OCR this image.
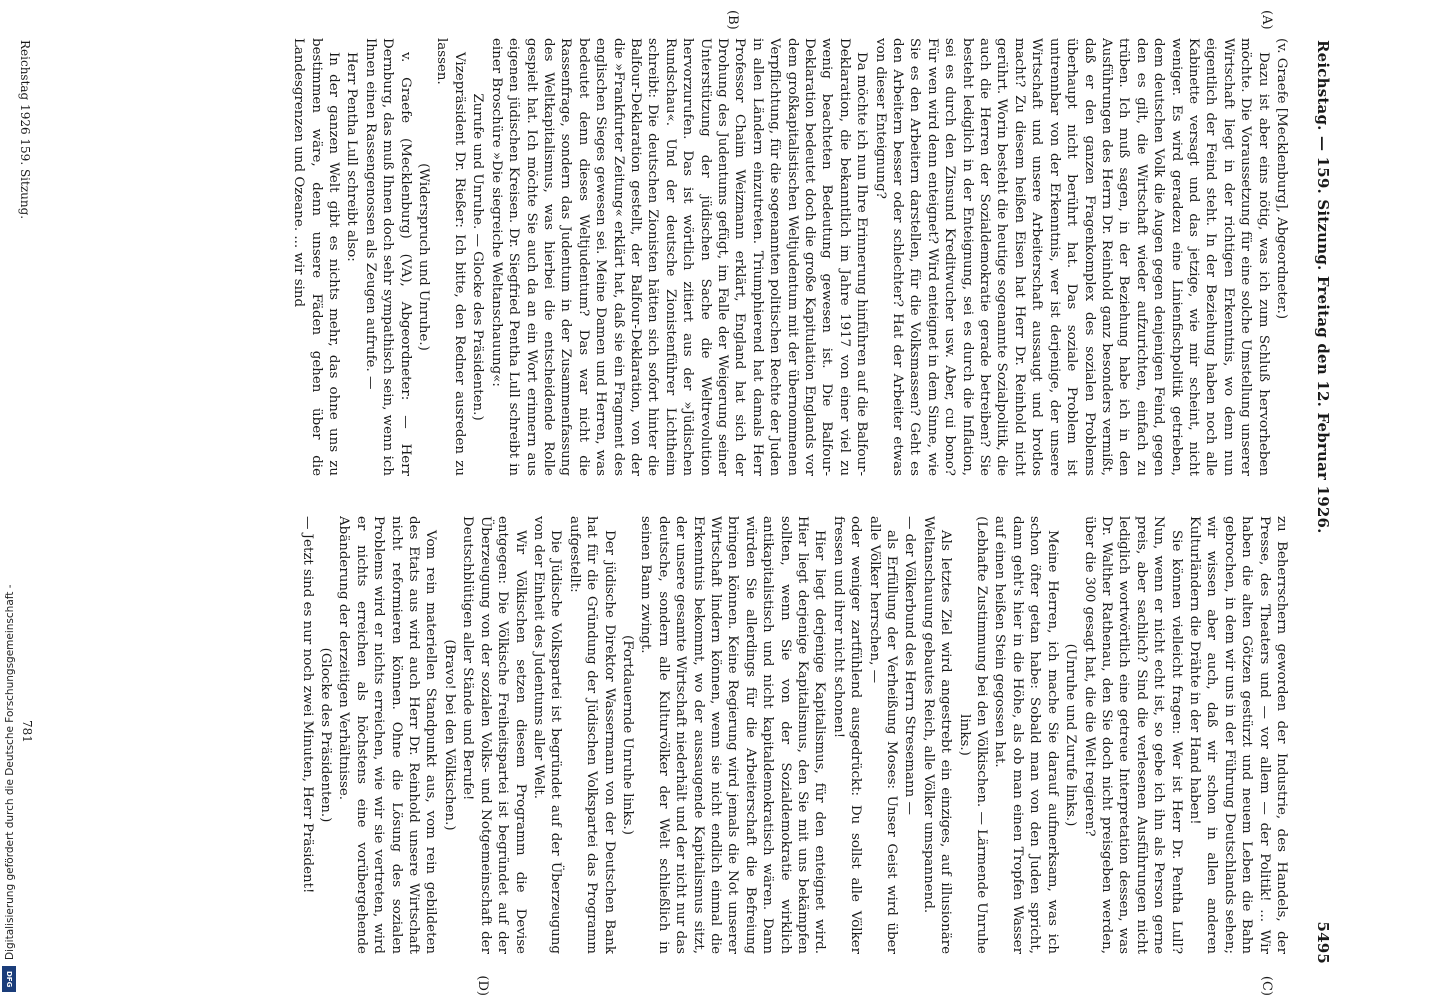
Reichstag. — 159. Sitzung. Freitag den 12. Februar 1926.
5495
(A)
(B)
(C)
(D)

(v. Graefe [Mecklenburg], Abgeordneter.)

Dazu ist aber eins nötig, was ich zum Schluß hervorheben möchte. Die Voraussetzung für eine solche Umstellung unserer Wirtschaft liegt in der richtigen Erkenntnis, wo denn nun eigentlich der Feind steht. In der Beziehung haben noch alle Kabinette versagt und das jetzige, wie mir scheint, nicht weniger. Es wird geradezu eine Linienfischpolitik getrieben, dem deutschen Volk die Augen gegen denjenigen Feind, gegen den es gilt, die Wirtschaft wieder aufzurichten, einfach zu trüben. Ich muß sagen, in der Beziehung habe ich in den Ausführungen des Herrn Dr. Reinhold ganz besonders vermißt, daß er den ganzen Fragenkomplex des sozialen Problems überhaupt nicht berührt hat. Das soziale Problem ist untrennbar von der Erkenntnis, wer ist derjenige, der unsere Wirtschaft und unsere Arbeiterschaft aussaugt und brotlos macht? Zu diesem heißen Eisen hat Herr Dr. Reinhold nicht gerührt. Worin besteht die heutige sogenannte Sozialpolitik, die auch die Herren der Sozialdemokratie gerade betreiben? Sie besteht lediglich in der Enteignung, sei es durch die Inflation, sei es durch den Zinsund Kreditwucher usw. Aber, cui bono? Für wen wird denn enteignet? Wird enteignet in dem Sinne, wie Sie es den Arbeitern darstellen, für die Volksmassen? Geht es den Arbeitern besser oder schlechter? Hat der Arbeiter etwas von dieser Enteignung?

Da möchte ich nun Ihre Erinnerung hinführen auf die Balfour-Deklaration, die bekanntlich im Jahre 1917 von einer viel zu wenig beachteten Bedeutung gewesen ist. Die Balfour-Deklaration bedeutet doch die große Kapitulation Englands vor dem großkapitalistischen Weltjudentum mit der übernommenen Verpflichtung, für die sogenannten politischen Rechte der Juden in allen Ländern einzutreten. Triumphierend hat damals Herr Professor Chaim Weizmann erklärt, England hat sich der Drohung des Judentums gefügt, im Falle der Weigerung seiner Unterstützung der jüdischen Sache die Weltrevolution hervorzurufen. Das ist wörtlich zitiert aus der »Jüdischen Rundschau«. Und der deutsche Zionistenführer Lichtheim schreibt: Die deutschen Zionisten hätten sich sofort hinter die Balfour-Deklaration gestellt, der Balfour-Deklaration, von der die »Frankfurter Zeitung« erklärt hat, daß sie ein Fragment des englischen Sieges gewesen sei. Meine Damen und Herren, was bedeutet denn dieses Weltjudentum? Das war nicht die Rassenfrage, sondern das Judentum in der Zusammenfassung des Weltkapitalismus, was hierbei die entscheidende Rolle gespielt hat. Ich möchte Sie auch da an ein Wort erinnern aus eigenen jüdischen Kreisen. Dr. Siegfried Pentha Lull schreibt in einer Broschüre »Die siegreiche Weltanschauung«:

Zurufe und Unruhe. — Glocke des Präsidenten.)

Vizepräsident Dr. Rießer: Ich bitte, den Redner ausreden zu lassen.

(Widerspruch und Unruhe.)

v. Graefe (Mecklenburg) (VA), Abgeordneter: — Herr Dernburg, das muß Ihnen doch sehr sympathisch sein, wenn ich Ihnen einen Rassengenossen als Zeugen aufrufe. —

Herr Pentha Lull schreibt also:

In der ganzen Welt gibt es nichts mehr, das ohne uns zu bestimmen wäre, denn unsere Fäden gehen über die Landesgrenzen und Ozeane. ... wir sind

zu Beherrschern geworden der Industrie, des Handels, der Presse, des Theaters und — vor allem — der Politik! ... Wir haben die alten Götzen gestürzt und neuem Leben die Bahn gebrochen, in dem wir uns in der Führung Deutschlands sehen; wir wissen aber auch, daß wir schon in allen anderen Kulturländern die Drähte in der Hand haben!

Sie können vielleicht fragen: Wer ist Herr Dr. Pentha Lull? Nun, wenn er nicht echt ist, so gebe ich ihn als Person gerne preis, aber sachlich? Sind die verlesenen Ausführungen nicht lediglich wortwörtlich eine getreue Interpretation dessen, was Dr. Walther Rathenau, den Sie doch nicht preisgeben werden, über die 300 gesagt hat, die die Welt regieren?

(Unruhe und Zurufe links.)

Meine Herren, ich mache Sie darauf aufmerksam, was ich schon öfter getan habe: Sobald man von den Juden spricht, dann geht's hier in die Höhe, als ob man einen Tropfen Wasser auf einen heißen Stein gegossen hat.

(Lebhafte Zustimmung bei den Völkischen. — Lärmende Unruhe links.)

Als letztes Ziel wird angestrebt ein einziges, auf illusionäre Weltanschauung gebautes Reich, alle Völker umspannend.

— der Völkerbund des Herrn Stresemann —

als Erfüllung der Verheißung Moses: Unser Geist wird über alle Völker herrschen, —

oder weniger zartfühlend ausgedrückt: Du sollst alle Völker fressen und ihrer nicht schonen!

Hier liegt derjenige Kapitalismus, für den enteignet wird. Hier liegt derjenige Kapitalismus, den Sie mit uns bekämpfen sollten, wenn Sie von der Sozialdemokratie wirklich antikapitalistisch und nicht kapitaldemokratisch wären. Dann würden Sie allerdings für die Arbeiterschaft die Befreiung bringen können. Keine Regierung wird jemals die Not unserer Wirtschaft lindern können, wenn sie nicht endlich einmal die Erkenntnis bekommt, wo der aussaugende Kapitalismus sitzt, der unsere gesamte Wirtschaft niederhält und der nicht nur das deutsche, sondern alle Kulturvölker der Welt schließlich in seinen Bann zwingt.

(Fortdauernde Unruhe links.)

Der jüdische Direktor Wassermann von der Deutschen Bank hat für die Gründung der Jüdischen Volkspartei das Programm aufgestellt:

Die Jüdische Volkspartei ist begründet auf der Überzeugung von der Einheit des Judentums aller Welt.

Wir Völkischen setzen diesem Programm die Devise entgegen: Die Völkische Freiheitspartei ist begründet auf der Überzeugung von der sozialen Volks- und Notgemeinschaft der Deutschblütigen aller Stände und Berufe!

(Bravo! bei den Völkischen.)

Vom rein materiellen Standpunkt aus, vom rein gebildeten des Etats aus wird auch Herr Dr. Reinhold unsere Wirtschaft nicht reformieren können. Ohne die Lösung des sozialen Problems wird er nichts erreichen, wie wir sie vertreten, wird er nichts erreichen als höchstens eine vorübergehende Abänderung der derzeitigen Verhältnisse.

(Glocke des Präsidenten.)

— Jetzt sind es nur noch zwei Minuten, Herr Präsident!

Reichstag 1926 159. Sitzung.
781
Digitalisierung gefördert durch die Deutsche Forschungsgemeinschaft -
DFG
